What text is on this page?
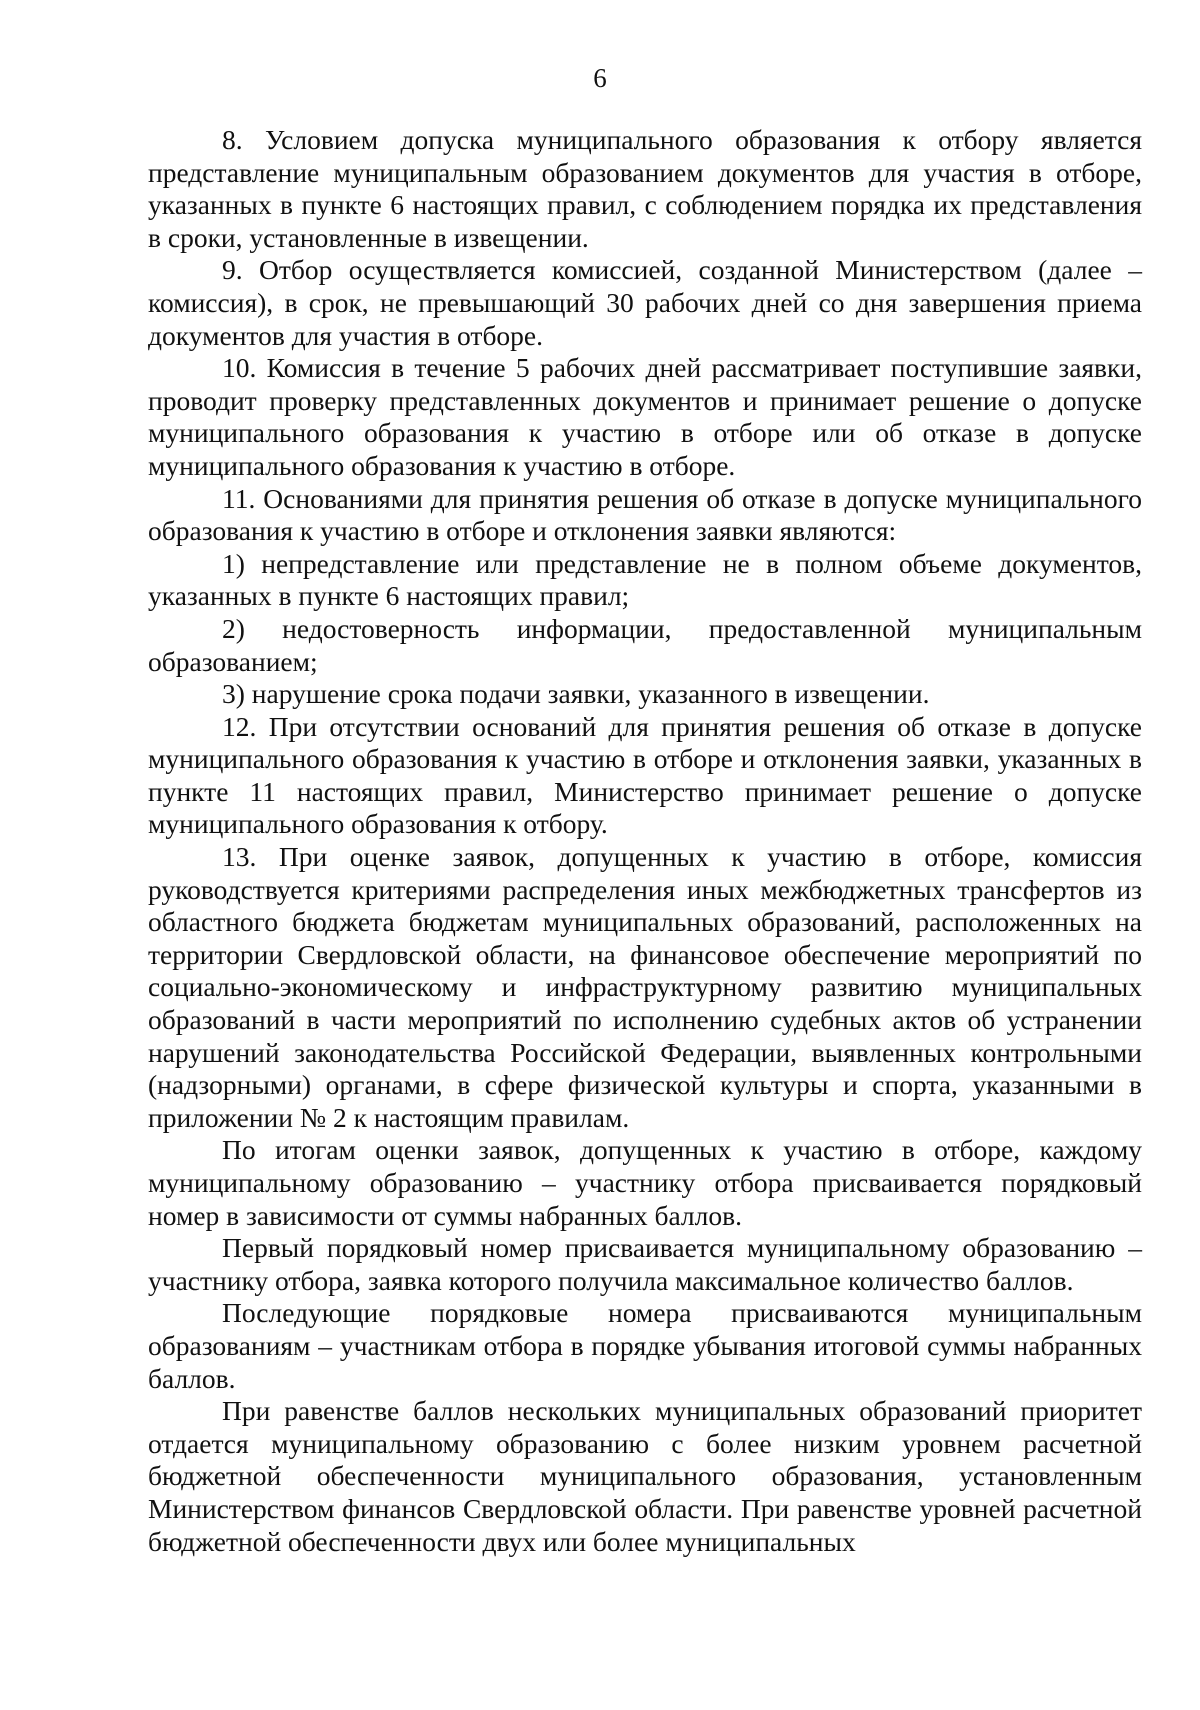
6

8. Условием допуска муниципального образования к отбору является представление муниципальным образованием документов для участия в отборе, указанных в пункте 6 настоящих правил, с соблюдением порядка их представления в сроки, установленные в извещении.

9. Отбор осуществляется комиссией, созданной Министерством (далее – комиссия), в срок, не превышающий 30 рабочих дней со дня завершения приема документов для участия в отборе.

10. Комиссия в течение 5 рабочих дней рассматривает поступившие заявки, проводит проверку представленных документов и принимает решение о допуске муниципального образования к участию в отборе или об отказе в допуске муниципального образования к участию в отборе.

11. Основаниями для принятия решения об отказе в допуске муниципального образования к участию в отборе и отклонения заявки являются:

1) непредставление или представление не в полном объеме документов, указанных в пункте 6 настоящих правил;

2) недостоверность информации, предоставленной муниципальным образованием;

3) нарушение срока подачи заявки, указанного в извещении.

12. При отсутствии оснований для принятия решения об отказе в допуске муниципального образования к участию в отборе и отклонения заявки, указанных в пункте 11 настоящих правил, Министерство принимает решение о допуске муниципального образования к отбору.

13. При оценке заявок, допущенных к участию в отборе, комиссия руководствуется критериями распределения иных межбюджетных трансфертов из областного бюджета бюджетам муниципальных образований, расположенных на территории Свердловской области, на финансовое обеспечение мероприятий по социально-экономическому и инфраструктурному развитию муниципальных образований в части мероприятий по исполнению судебных актов об устранении нарушений законодательства Российской Федерации, выявленных контрольными (надзорными) органами, в сфере физической культуры и спорта, указанными в приложении № 2 к настоящим правилам.

По итогам оценки заявок, допущенных к участию в отборе, каждому муниципальному образованию – участнику отбора присваивается порядковый номер в зависимости от суммы набранных баллов.

Первый порядковый номер присваивается муниципальному образованию – участнику отбора, заявка которого получила максимальное количество баллов.

Последующие порядковые номера присваиваются муниципальным образованиям – участникам отбора в порядке убывания итоговой суммы набранных баллов.

При равенстве баллов нескольких муниципальных образований приоритет отдается муниципальному образованию с более низким уровнем расчетной бюджетной обеспеченности муниципального образования, установленным Министерством финансов Свердловской области. При равенстве уровней расчетной бюджетной обеспеченности двух или более муниципальных
